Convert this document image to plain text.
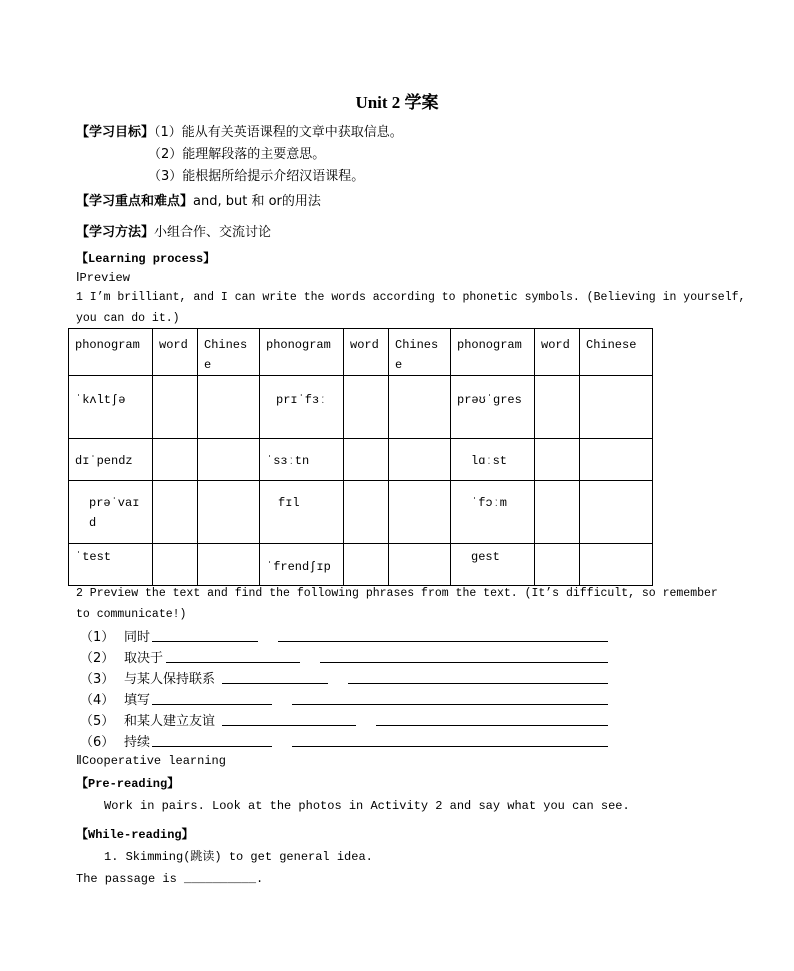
Unit 2 学案
【学习目标】（1）能从有关英语课程的文章中获取信息。
（2）能理解段落的主要意思。
（3）能根据所给提示介绍汉语课程。
【学习重点和难点】and, but 和 or的用法
【学习方法】小组合作、交流讨论
【Learning process】
ⅠPreview
1 I’m brilliant, and I can write the words according to phonetic symbols. (Believing in yourself,
you can do it.)
phonogram	word	Chinese	phonogram	word	Chinese	phonogram	word	Chinese
ˈkʌltʃə			prɪˈfɜː			prəʊˈgres		
dɪˈpendz			ˈsɜːtn			lɑːst		
prəˈvaɪd			fɪl			ˈfɔːm		
ˈtest			ˈfrendʃɪp			gest		
2 Preview the text and find the following phrases from the text. (It’s difficult, so remember
to communicate!)
（1） 同时
（2） 取决于
（3） 与某人保持联系
（4） 填写
（5） 和某人建立友谊
（6） 持续
ⅡCooperative learning
【Pre-reading】
Work in pairs. Look at the photos in Activity 2 and say what you can see.
【While-reading】
1. Skimming(跳读) to get general idea.
The passage is __________.
